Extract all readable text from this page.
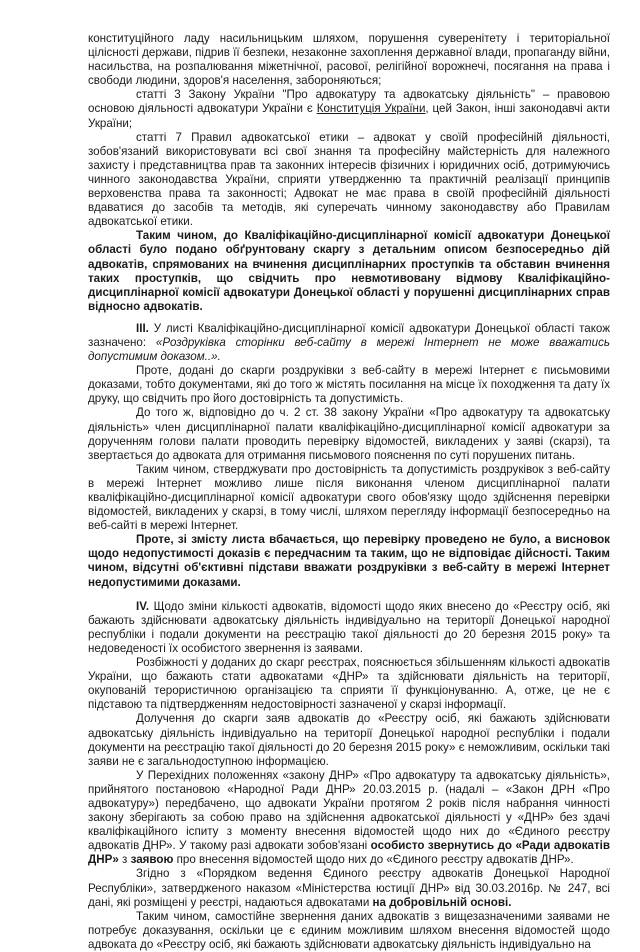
конституційного ладу насильницьким шляхом, порушення суверенітету і територіальної цілісності держави, підрив її безпеки, незаконне захоплення державної влади, пропаганду війни, насильства, на розпалювання міжетнічної, расової, релігійної ворожнечі, посягання на права і свободи людини, здоров'я населення, забороняються;

статті 3 Закону України "Про адвокатуру та адвокатську діяльність" – правовою основою діяльності адвокатури України є Конституція України, цей Закон, інші законодавчі акти України;

статті 7 Правил адвокатської етики – адвокат у своїй професійній діяльності, зобов'язаний використовувати всі свої знання та професійну майстерність для належного захисту і представництва прав та законних інтересів фізичних і юридичних осіб, дотримуючись чинного законодавства України, сприяти утвердженню та практичній реалізації принципів верховенства права та законності; Адвокат не має права в своїй професійній діяльності вдаватися до засобів та методів, які суперечать чинному законодавству або Правилам адвокатської етики.

Таким чином, до Кваліфікаційно-дисциплінарної комісії адвокатури Донецької області було подано обґрунтовану скаргу з детальним описом безпосередньо дій адвокатів, спрямованих на вчинення дисциплінарних проступків та обставин вчинення таких проступків, що свідчить про невмотивовану відмову Кваліфікаційно-дисциплінарної комісії адвокатури Донецької області у порушенні дисциплінарних справ відносно адвокатів.

III. У листі Кваліфікаційно-дисциплінарної комісії адвокатури Донецької області також зазначено: «Роздруківка сторінки веб-сайту в мережі Інтернет не може вважатись допустимим доказом..».

Проте, додані до скарги роздруківки з веб-сайту в мережі Інтернет є письмовими доказами, тобто документами, які до того ж містять посилання на місце їх походження та дату їх друку, що свідчить про його достовірність та допустимість.

До того ж, відповідно до ч. 2 ст. 38 закону України «Про адвокатуру та адвокатську діяльність» член дисциплінарної палати кваліфікаційно-дисциплінарної комісії адвокатури за дорученням голови палати проводить перевірку відомостей, викладених у заяві (скарзі), та звертається до адвоката для отримання письмового пояснення по суті порушених питань.

Таким чином, стверджувати про достовірність та допустимість роздруківок з веб-сайту в мережі Інтернет можливо лише після виконання членом дисциплінарної палати кваліфікаційно-дисциплінарної комісії адвокатури свого обов'язку щодо здійснення перевірки відомостей, викладених у скарзі, в тому числі, шляхом перегляду інформації безпосередньо на веб-сайті в мережі Інтернет.

Проте, зі змісту листа вбачається, що перевірку проведено не було, а висновок щодо недопустимості доказів є передчасним та таким, що не відповідає дійсності. Таким чином, відсутні об'єктивні підстави вважати роздруківки з веб-сайту в мережі Інтернет недопустимими доказами.

IV. Щодо зміни кількості адвокатів, відомості щодо яких внесено до «Реєстру осіб, які бажають здійснювати адвокатську діяльність індивідуально на території Донецької народної республіки і подали документи на реєстрацію такої діяльності до 20 березня 2015 року» та недоведеності їх особистого звернення із заявами.

Розбіжності у доданих до скарг реєстрах, пояснюється збільшенням кількості адвокатів України, що бажають стати адвокатами «ДНР» та здійснювати діяльність на території, окупованій терористичною організацією та сприяти її функціонуванню. А, отже, це не є підставою та підтвердженням недостовірності зазначеної у скарзі інформації.

Долучення до скарги заяв адвокатів до «Реєстру осіб, які бажають здійснювати адвокатську діяльність індивідуально на території Донецької народної республіки і подали документи на реєстрацію такої діяльності до 20 березня 2015 року» є неможливим, оскільки такі заяви не є загальнодоступною інформацією.

У Перехідних положеннях «закону ДНР» «Про адвокатуру та адвокатську діяльність», прийнятого постановою «Народної Ради ДНР» 20.03.2015 р. (надалі – «Закон ДРН «Про адвокатуру») передбачено, що адвокати України протягом 2 років після набрання чинності закону зберігають за собою право на здійснення адвокатської діяльності у «ДНР» без здачі кваліфікаційного іспиту з моменту внесення відомостей щодо них до «Єдиного реєстру адвокатів ДНР». У такому разі адвокати зобов'язані особисто звернутись до «Ради адвокатів ДНР» з заявою про внесення відомостей щодо них до «Єдиного реєстру адвокатів ДНР».

Згідно з «Порядком ведення Єдиного реєстру адвокатів Донецької Народної Республіки», затвердженого наказом «Міністерства юстиції ДНР» від 30.03.2016р. № 247, всі дані, які розміщені у реєстрі, надаються адвокатами на добровільній основі.

Таким чином, самостійне звернення даних адвокатів з вищезазначеними заявами не потребує доказування, оскільки це є єдиним можливим шляхом внесення відомостей щодо адвоката до «Реєстру осіб, які бажають здійснювати адвокатську діяльність індивідуально на
